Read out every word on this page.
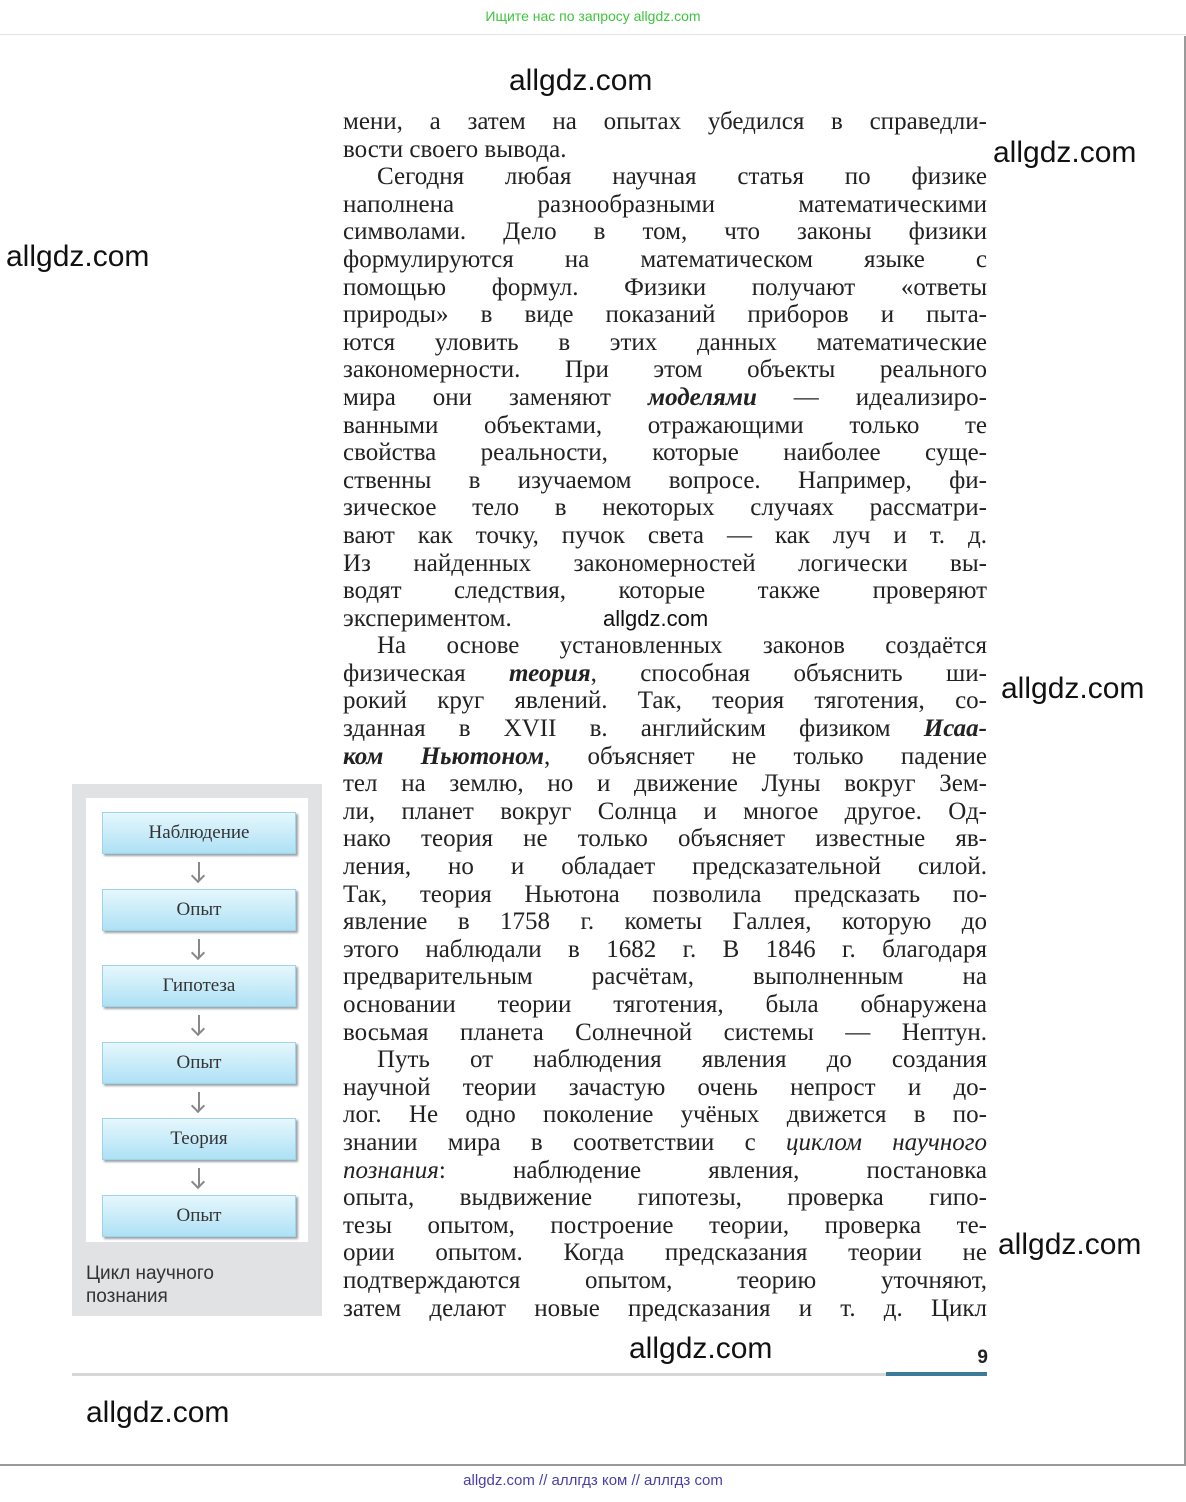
Ищите нас по запросу allgdz.com
allgdz.com
allgdz.com
allgdz.com
allgdz.com
allgdz.com
allgdz.com
allgdz.com
allgdz.com
Наблюдение
Опыт
Гипотеза
Опыт
Теория
Опыт
Цикл научного
познания
мени, а затем на опытах убедился в справедли-
вости своего вывода.
Сегодня любая научная статья по физике
наполнена разнообразными математическими
символами. Дело в том, что законы физики
формулируются на математическом языке с
помощью формул. Физики получают «ответы
природы» в виде показаний приборов и пыта-
ются уловить в этих данных математические
закономерности. При этом объекты реального
мира они заменяют моделями — идеализиро-
ванными объектами, отражающими только те
свойства реальности, которые наиболее суще-
ственны в изучаемом вопросе. Например, фи-
зическое тело в некоторых случаях рассматри-
вают как точку, пучок света — как луч и т. д.
Из найденных закономерностей логически вы-
водят следствия, которые также проверяют
экспериментом.
На основе установленных законов создаётся
физическая теория, способная объяснить ши-
рокий круг явлений. Так, теория тяготения, со-
зданная в XVII в. английским физиком Исаа-
ком Ньютоном, объясняет не только падение
тел на землю, но и движение Луны вокруг Зем-
ли, планет вокруг Солнца и многое другое. Од-
нако теория не только объясняет известные яв-
ления, но и обладает предсказательной силой.
Так, теория Ньютона позволила предсказать по-
явление в 1758 г. кометы Галлея, которую до
этого наблюдали в 1682 г. В 1846 г. благодаря
предварительным расчётам, выполненным на
основании теории тяготения, была обнаружена
восьмая планета Солнечной системы — Нептун.
Путь от наблюдения явления до создания
научной теории зачастую очень непрост и до-
лог. Не одно поколение учёных движется в по-
знании мира в соответствии с циклом научного
познания: наблюдение явления, постановка
опыта, выдвижение гипотезы, проверка гипо-
тезы опытом, построение теории, проверка те-
ории опытом. Когда предсказания теории не
подтверждаются опытом, теорию уточняют,
затем делают новые предсказания и т. д. Цикл
9
allgdz.com // аллгдз ком // аллгдз com
